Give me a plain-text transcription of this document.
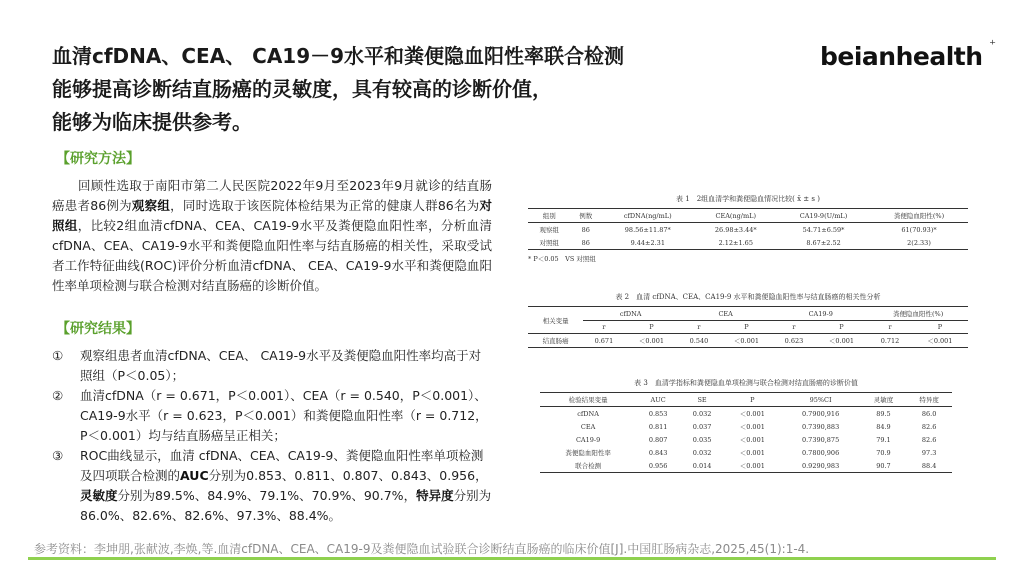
血清cfDNA、CEA、 CA19－9水平和粪便隐血阳性率联合检测
能够提高诊断结直肠癌的灵敏度，具有较高的诊断价值，
能够为临床提供参考。
beianhealth ⁺
【研究方法】
回顾性选取于南阳市第二人民医院2022年9月至2023年9月就诊的结直肠癌患者86例为观察组，同时选取于该医院体检结果为正常的健康人群86名为对照组，比较2组血清cfDNA、CEA、CA19-9水平及粪便隐血阳性率，分析血清cfDNA、CEA、CA19-9水平和粪便隐血阳性率与结直肠癌的相关性，采取受试者工作特征曲线(ROC)评价分析血清cfDNA、 CEA、CA19-9水平和粪便隐血阳性率单项检测与联合检测对结直肠癌的诊断价值。
【研究结果】
① 观察组患者血清cfDNA、CEA、 CA19-9水平及粪便隐血阳性率均高于对照组（P＜0.05）；
② 血清cfDNA（r = 0.671，P＜0.001）、CEA（r = 0.540，P＜0.001）、CA19-9水平（r = 0.623，P＜0.001）和粪便隐血阳性率（r = 0.712，P＜0.001）均与结直肠癌呈正相关；
③ ROC曲线显示，血清 cfDNA、CEA、CA19-9、粪便隐血阳性率单项检测及四项联合检测的AUC分别为0.853、0.811、0.807、0.843、0.956，灵敏度分别为89.5%、84.9%、79.1%、70.9%、90.7%，特异度分别为86.0%、82.6%、82.6%、97.3%、88.4%。
表 1　2组血清学和粪便隐血情况比较( x̄ ± s )
组别	例数	cfDNA(ng/mL)	CEA(ng/mL)	CA19-9(U/mL)	粪便隐血阳性(%)
观察组	86	98.56±11.87*	26.98±3.44*	54.71±6.59*	61(70.93)*
对照组	86	9.44±2.31	2.12±1.65	8.67±2.52	2(2.33)
* P＜0.05　VS 对照组
表 2　血清 cfDNA、CEA、CA19-9 水平和粪便隐血阳性率与结直肠癌的相关性分析
相关变量	cfDNA		CEA		CA19-9		粪便隐血阳性(%)	
	r	P	r	P	r	P	r	P
结直肠癌	0.671	＜0.001	0.540	＜0.001	0.623	＜0.001	0.712	＜0.001
表 3　血清学指标和粪便隐血单项检测与联合检测对结直肠癌的诊断价值
检验结果变量	AUC	SE	P	95%CI	灵敏度	特异度
cfDNA	0.853	0.032	＜0.001	0.7900,916	89.5	86.0
CEA	0.811	0.037	＜0.001	0.7390,883	84.9	82.6
CA19-9	0.807	0.035	＜0.001	0.7390,875	79.1	82.6
粪便隐血阳性率	0.843	0.032	＜0.001	0.7800,906	70.9	97.3
联合检测	0.956	0.014	＜0.001	0.9290,983	90.7	88.4
参考资料：李坤朋,张献波,李焕,等.血清cfDNA、CEA、CA19-9及粪便隐血试验联合诊断结直肠癌的临床价值[J].中国肛肠病杂志,2025,45(1):1-4.
